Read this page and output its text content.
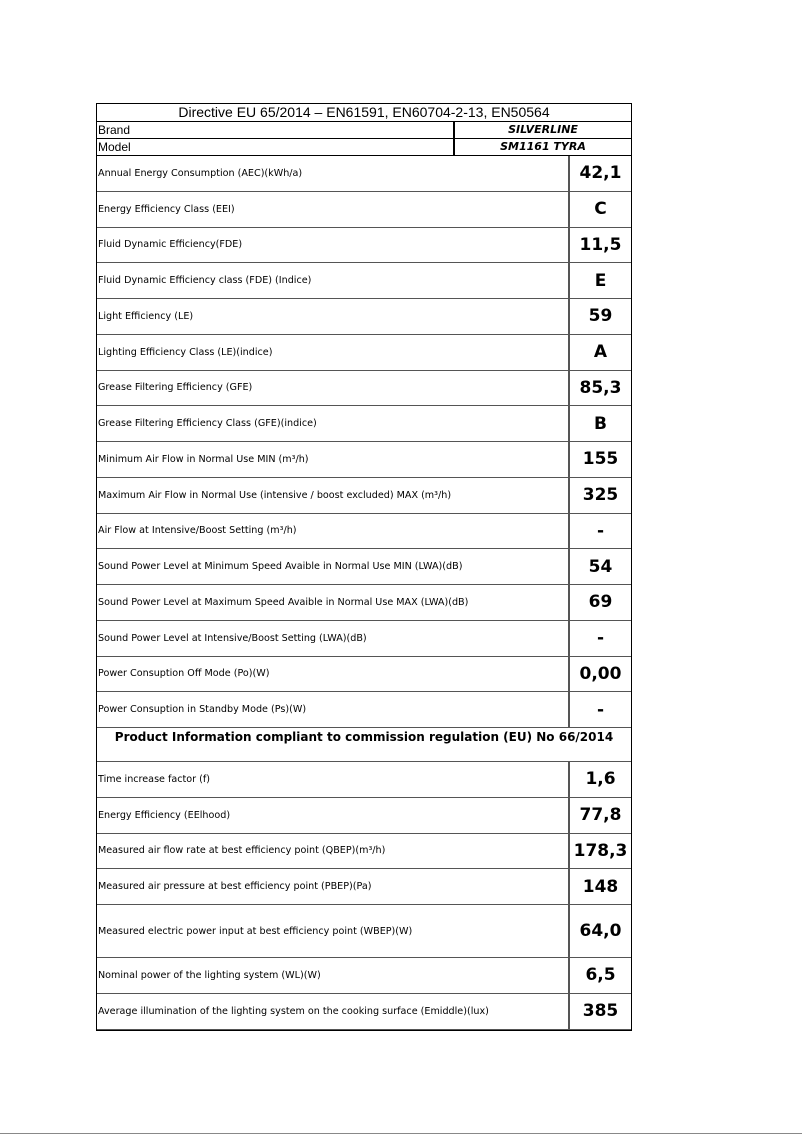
Directive EU 65/2014 – EN61591, EN60704-2-13, EN50564
Brand	SILVERLINE
Model	SM1161 TYRA
Annual Energy Consumption (AEC)(kWh/a)	42,1
Energy Efficiency Class (EEI)	C
Fluid Dynamic Efficiency(FDE)	11,5
Fluid Dynamic Efficiency class (FDE) (Indice)	E
Light Efficiency (LE)	59
Lighting Efficiency Class (LE)(indice)	A
Grease Filtering Efficiency (GFE)	85,3
Grease Filtering Efficiency Class (GFE)(indice)	B
Minimum Air Flow in Normal Use MIN (m³/h)	155
Maximum Air Flow in Normal Use (intensive / boost excluded) MAX (m³/h)	325
Air Flow at Intensive/Boost Setting (m³/h)	-
Sound Power Level at Minimum Speed Avaible in Normal Use MIN (LWA)(dB)	54
Sound Power Level at Maximum Speed Avaible in Normal Use MAX (LWA)(dB)	69
Sound Power Level at Intensive/Boost Setting (LWA)(dB)	-
Power Consuption Off Mode (Po)(W)	0,00
Power Consuption in Standby Mode (Ps)(W)	-
Product Information compliant to commission regulation (EU) No 66/2014
Time increase factor (f)	1,6
Energy Efficiency (EElhood)	77,8
Measured air flow rate at best efficiency point (QBEP)(m³/h)	178,3
Measured air pressure at best efficiency point (PBEP)(Pa)	148
Measured electric power input at best efficiency point (WBEP)(W)	64,0
Nominal power of the lighting system (WL)(W)	6,5
Average illumination of the lighting system on the cooking surface (Emiddle)(lux)	385
